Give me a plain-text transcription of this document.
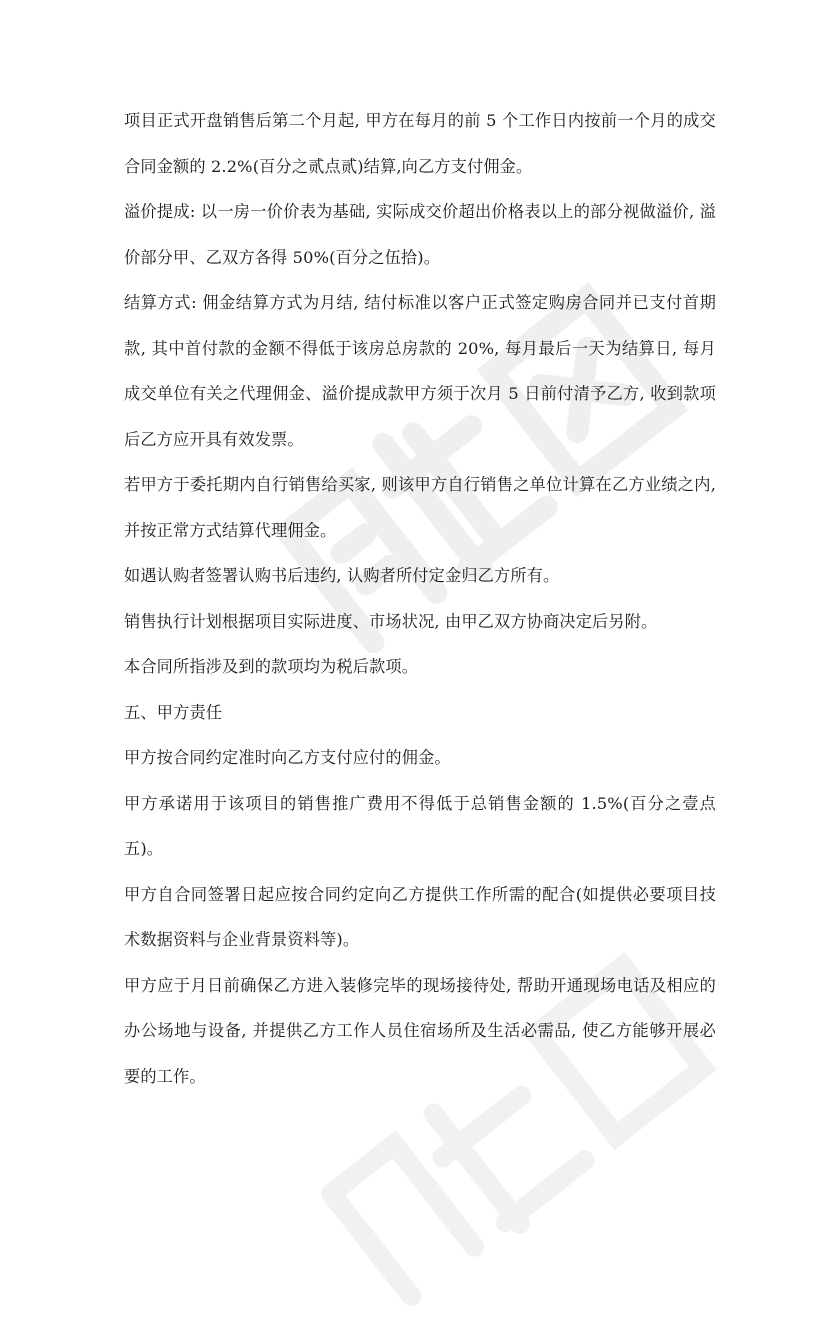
项目正式开盘销售后第二个月起, 甲方在每月的前 5 个工作日内按前一个月的成交合同金额的 2.2%(百分之贰点贰)结算,向乙方支付佣金。

溢价提成: 以一房一价价表为基础, 实际成交价超出价格表以上的部分视做溢价, 溢价部分甲、乙双方各得 50%(百分之伍拾)。

结算方式: 佣金结算方式为月结, 结付标准以客户正式签定购房合同并已支付首期款, 其中首付款的金额不得低于该房总房款的 20%, 每月最后一天为结算日, 每月成交单位有关之代理佣金、溢价提成款甲方须于次月 5 日前付清予乙方, 收到款项后乙方应开具有效发票。

若甲方于委托期内自行销售给买家, 则该甲方自行销售之单位计算在乙方业绩之内, 并按正常方式结算代理佣金。

如遇认购者签署认购书后违约, 认购者所付定金归乙方所有。

销售执行计划根据项目实际进度、市场状况, 由甲乙双方协商决定后另附。

本合同所指涉及到的款项均为税后款项。

五、甲方责任

甲方按合同约定准时向乙方支付应付的佣金。

甲方承诺用于该项目的销售推广费用不得低于总销售金额的 1.5%(百分之壹点五)。

甲方自合同签署日起应按合同约定向乙方提供工作所需的配合(如提供必要项目技术数据资料与企业背景资料等)。

甲方应于月日前确保乙方进入装修完毕的现场接待处, 帮助开通现场电话及相应的办公场地与设备, 并提供乙方工作人员住宿场所及生活必需品, 使乙方能够开展必要的工作。
